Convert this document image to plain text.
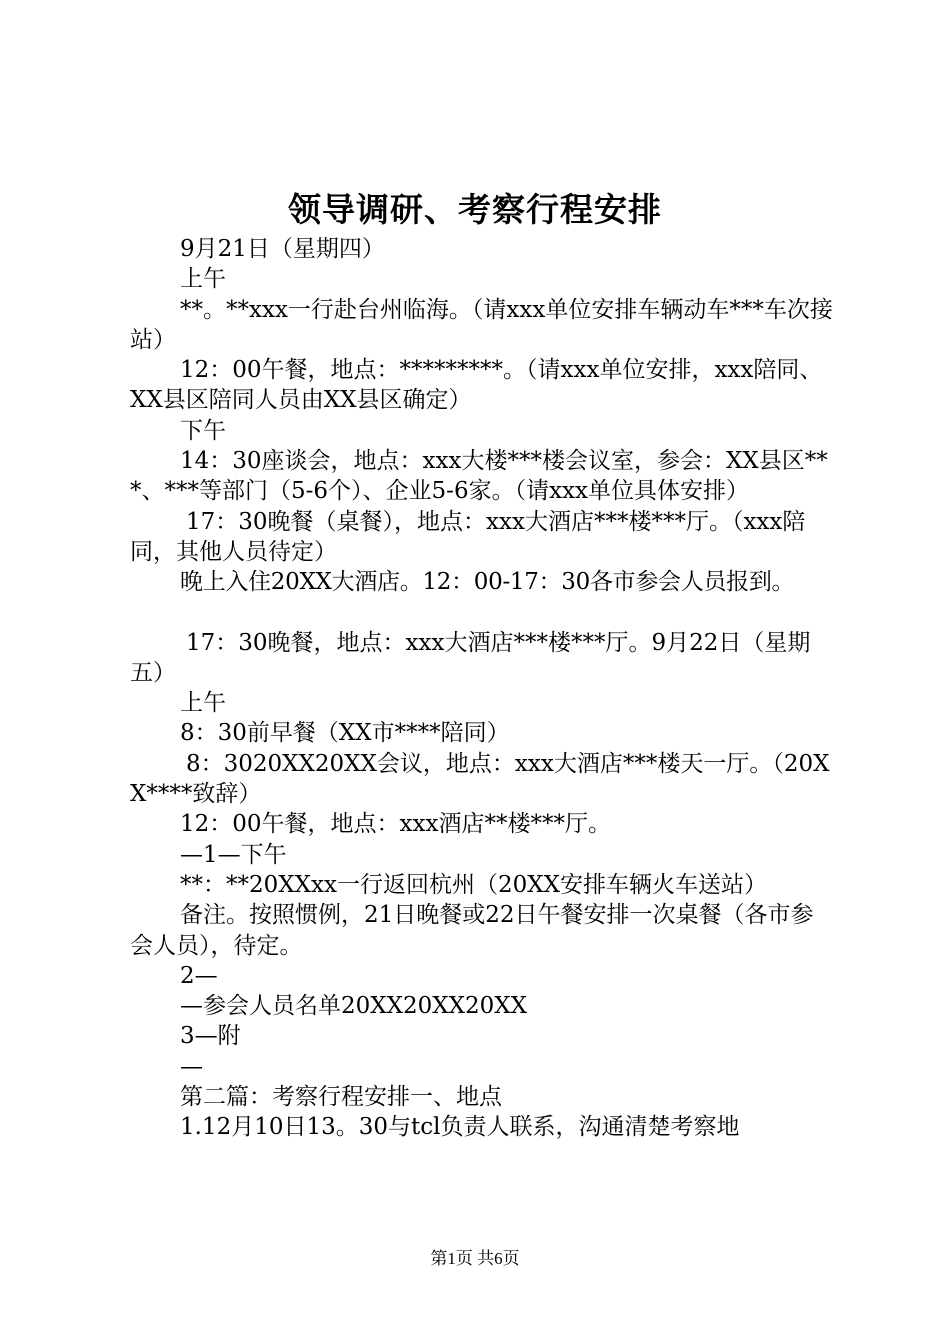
领导调研、考察行程安排

9月21日（星期四）

上午

**。**xxx一行赴台州临海。（请xxx单位安排车辆动车***车次接站）

12：00午餐，地点：*********。（请xxx单位安排，xxx陪同、XX县区陪同人员由XX县区确定）

下午

14：30座谈会，地点：xxx大楼***楼会议室，参会：XX县区***、***等部门（5-6个）、企业5-6家。（请xxx单位具体安排）

17：30晚餐（桌餐），地点：xxx大酒店***楼***厅。（xxx陪同，其他人员待定）

晚上入住20XX大酒店。12：00-17：30各市参会人员报到。

17：30晚餐，地点：xxx大酒店***楼***厅。9月22日（星期五）

上午

8：30前早餐（XX市****陪同）

8：3020XX20XX会议，地点：xxx大酒店***楼天一厅。（20XX****致辞）

12：00午餐，地点：xxx酒店**楼***厅。

—1—下午

**：**20XXxx一行返回杭州（20XX安排车辆火车送站）

备注。按照惯例，21日晚餐或22日午餐安排一次桌餐（各市参会人员），待定。

2—

—参会人员名单20XX20XX20XX

3—附

—

第二篇：考察行程安排一、地点

1.12月10日13。30与tcl负责人联系，沟通清楚考察地

第1页 共6页
